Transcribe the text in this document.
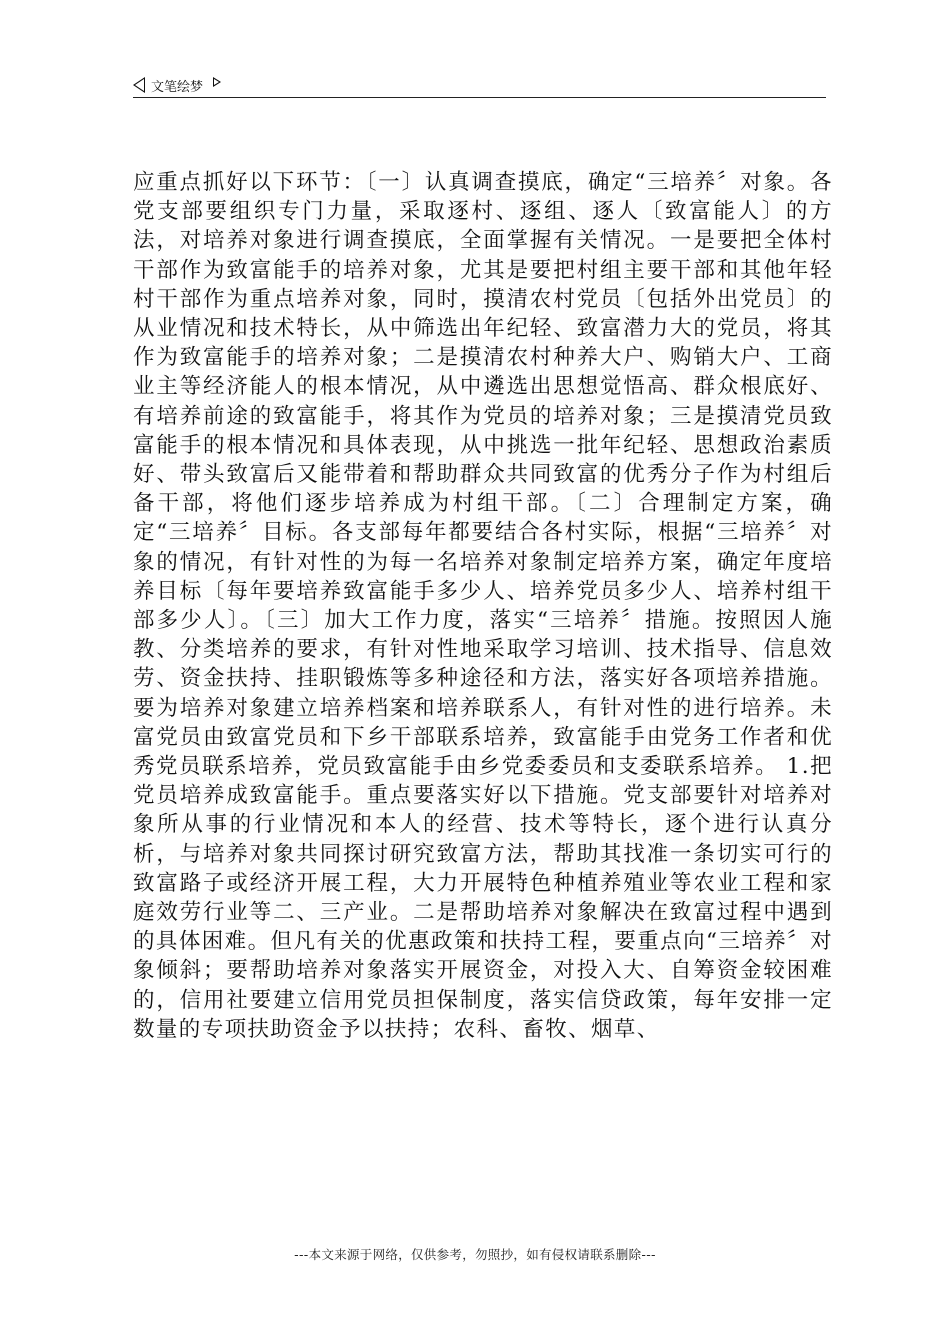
文笔绘梦

应重点抓好以下环节：〔一〕认真调查摸底，确定“三培养〞对象。各党支部要组织专门力量，采取逐村、逐组、逐人〔致富能人〕的方法，对培养对象进行调查摸底，全面掌握有关情况。一是要把全体村干部作为致富能手的培养对象，尤其是要把村组主要干部和其他年轻村干部作为重点培养对象，同时，摸清农村党员〔包括外出党员〕的从业情况和技术特长，从中筛选出年纪轻、致富潜力大的党员，将其作为致富能手的培养对象；二是摸清农村种养大户、购销大户、工商业主等经济能人的根本情况，从中遴选出思想觉悟高、群众根底好、有培养前途的致富能手，将其作为党员的培养对象；三是摸清党员致富能手的根本情况和具体表现，从中挑选一批年纪轻、思想政治素质好、带头致富后又能带着和帮助群众共同致富的优秀分子作为村组后备干部，将他们逐步培养成为村组干部。〔二〕合理制定方案，确定“三培养〞目标。各支部每年都要结合各村实际，根据“三培养〞对象的情况，有针对性的为每一名培养对象制定培养方案，确定年度培养目标〔每年要培养致富能手多少人、培养党员多少人、培养村组干部多少人〕。〔三〕加大工作力度，落实“三培养〞措施。按照因人施教、分类培养的要求，有针对性地采取学习培训、技术指导、信息效劳、资金扶持、挂职锻炼等多种途径和方法，落实好各项培养措施。要为培养对象建立培养档案和培养联系人，有针对性的进行培养。未富党员由致富党员和下乡干部联系培养，致富能手由党务工作者和优秀党员联系培养，党员致富能手由乡党委委员和支委联系培养。 1.把党员培养成致富能手。重点要落实好以下措施。党支部要针对培养对象所从事的行业情况和本人的经营、技术等特长，逐个进行认真分析，与培养对象共同探讨研究致富方法，帮助其找准一条切实可行的致富路子或经济开展工程，大力开展特色种植养殖业等农业工程和家庭效劳行业等二、三产业。二是帮助培养对象解决在致富过程中遇到的具体困难。但凡有关的优惠政策和扶持工程，要重点向“三培养〞对象倾斜；要帮助培养对象落实开展资金，对投入大、自筹资金较困难的，信用社要建立信用党员担保制度，落实信贷政策，每年安排一定数量的专项扶助资金予以扶持；农科、畜牧、烟草、

---本文来源于网络，仅供参考，勿照抄，如有侵权请联系删除---
